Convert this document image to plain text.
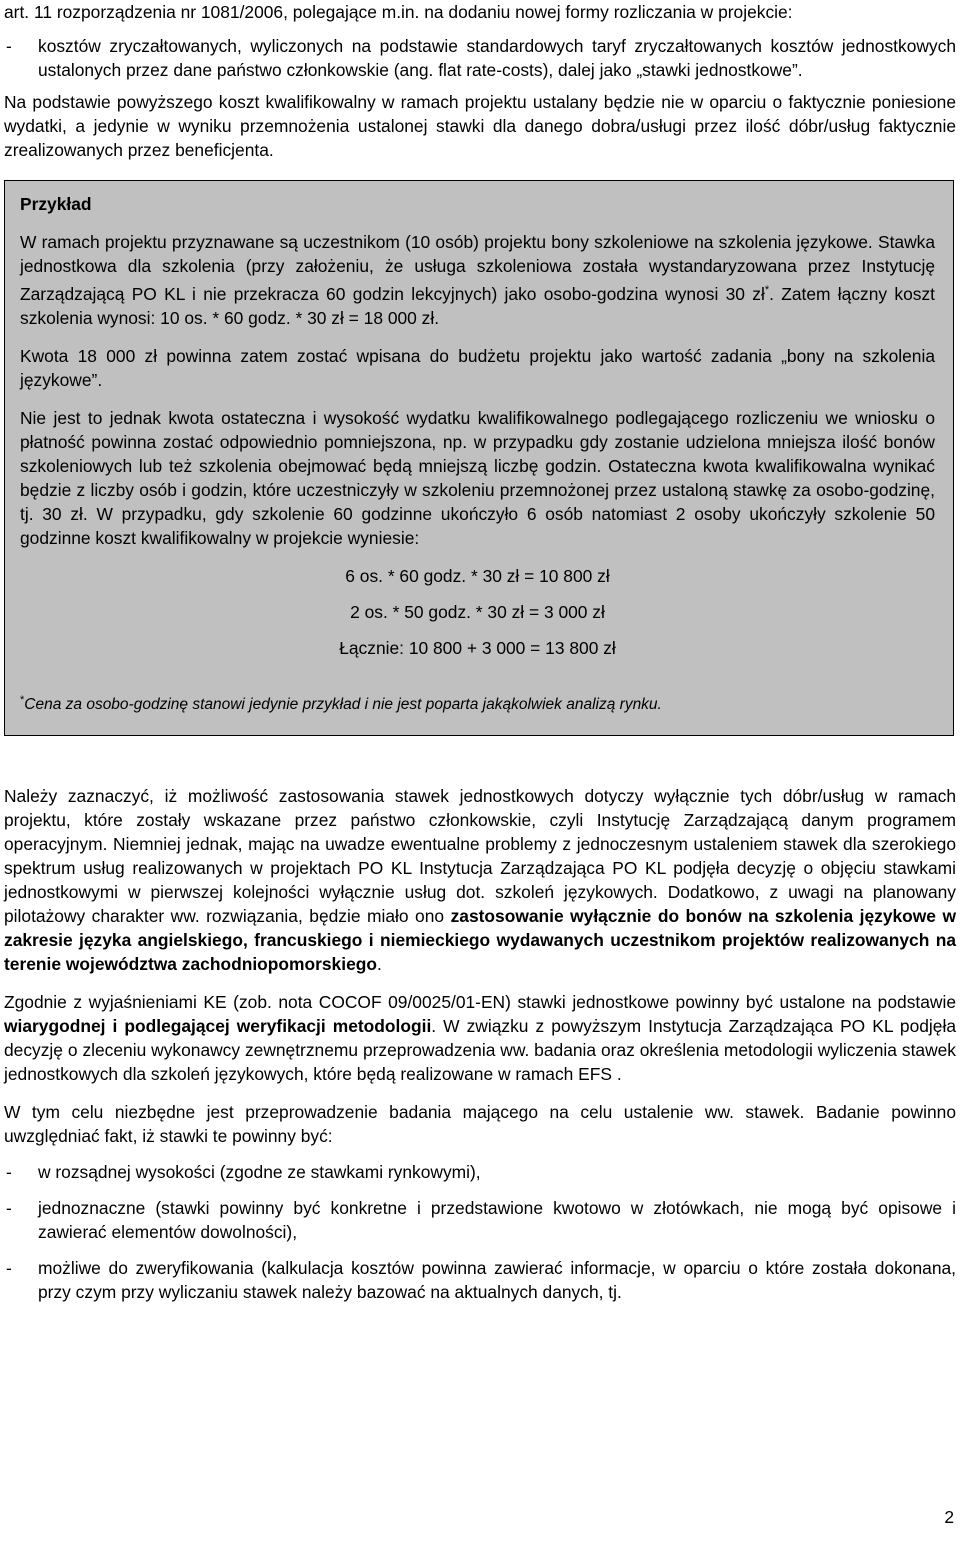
art. 11 rozporządzenia nr 1081/2006, polegające m.in. na dodaniu nowej formy rozliczania w projekcie:

- kosztów zryczałtowanych, wyliczonych na podstawie standardowych taryf zryczałtowanych kosztów jednostkowych ustalonych przez dane państwo członkowskie (ang. flat rate-costs), dalej jako „stawki jednostkowe”.

Na podstawie powyższego koszt kwalifikowalny w ramach projektu ustalany będzie nie w oparciu o faktycznie poniesione wydatki, a jedynie w wyniku przemnożenia ustalonej stawki dla danego dobra/usługi przez ilość dóbr/usług faktycznie zrealizowanych przez beneficjenta.

Przykład

W ramach projektu przyznawane są uczestnikom (10 osób) projektu bony szkoleniowe na szkolenia językowe. Stawka jednostkowa dla szkolenia (przy założeniu, że usługa szkoleniowa została wystandaryzowana przez Instytucję Zarządzającą PO KL i nie przekracza 60 godzin lekcyjnych) jako osobo-godzina wynosi 30 zł*. Zatem łączny koszt szkolenia wynosi: 10 os. * 60 godz. * 30 zł = 18 000 zł.

Kwota 18 000 zł powinna zatem zostać wpisana do budżetu projektu jako wartość zadania „bony na szkolenia językowe”.

Nie jest to jednak kwota ostateczna i wysokość wydatku kwalifikowalnego podlegającego rozliczeniu we wniosku o płatność powinna zostać odpowiednio pomniejszona, np. w przypadku gdy zostanie udzielona mniejsza ilość bonów szkoleniowych lub też szkolenia obejmować będą mniejszą liczbę godzin. Ostateczna kwota kwalifikowalna wynikać będzie z liczby osób i godzin, które uczestniczyły w szkoleniu przemnożonej przez ustaloną stawkę za osobo-godzinę, tj. 30 zł. W przypadku, gdy szkolenie 60 godzinne ukończyło 6 osób natomiast 2 osoby ukończyły szkolenie 50 godzinne koszt kwalifikowalny w projekcie wyniesie:

6 os. * 60 godz. * 30 zł = 10 800 zł
2 os. * 50 godz. * 30 zł = 3 000 zł
Łącznie: 10 800 + 3 000 = 13 800 zł

*Cena za osobo-godzinę stanowi jedynie przykład i nie jest poparta jakąkolwiek analizą rynku.

Należy zaznaczyć, iż możliwość zastosowania stawek jednostkowych dotyczy wyłącznie tych dóbr/usług w ramach projektu, które zostały wskazane przez państwo członkowskie, czyli Instytucję Zarządzającą danym programem operacyjnym. Niemniej jednak, mając na uwadze ewentualne problemy z jednoczesnym ustaleniem stawek dla szerokiego spektrum usług realizowanych w projektach PO KL Instytucja Zarządzająca PO KL podjęła decyzję o objęciu stawkami jednostkowymi w pierwszej kolejności wyłącznie usług dot. szkoleń językowych. Dodatkowo, z uwagi na planowany pilotażowy charakter ww. rozwiązania, będzie miało ono zastosowanie wyłącznie do bonów na szkolenia językowe w zakresie języka angielskiego, francuskiego i niemieckiego wydawanych uczestnikom projektów realizowanych na terenie województwa zachodniopomorskiego.

Zgodnie z wyjaśnieniami KE (zob. nota COCOF 09/0025/01-EN) stawki jednostkowe powinny być ustalone na podstawie wiarygodnej i podlegającej weryfikacji metodologii. W związku z powyższym Instytucja Zarządzająca PO KL podjęła decyzję o zleceniu wykonawcy zewnętrznemu przeprowadzenia ww. badania oraz określenia metodologii wyliczenia stawek jednostkowych dla szkoleń językowych, które będą realizowane w ramach EFS .

W tym celu niezbędne jest przeprowadzenie badania mającego na celu ustalenie ww. stawek. Badanie powinno uwzględniać fakt, iż stawki te powinny być:

- w rozsądnej wysokości (zgodne ze stawkami rynkowymi),
- jednoznaczne (stawki powinny być konkretne i przedstawione kwotowo w złotówkach, nie mogą być opisowe i zawierać elementów dowolności),
- możliwe do zweryfikowania (kalkulacja kosztów powinna zawierać informacje, w oparciu o które została dokonana, przy czym przy wyliczaniu stawek należy bazować na aktualnych danych, tj.
2
